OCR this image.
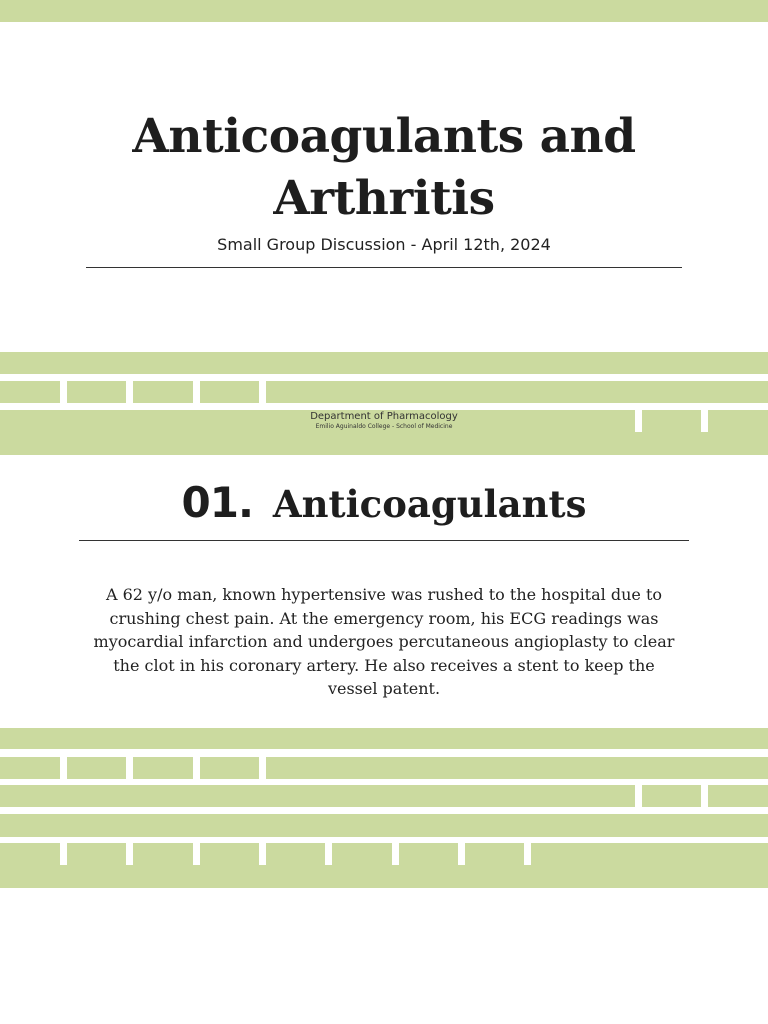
Anticoagulants and
Arthritis
Small Group Discussion - April 12th, 2024
Department of Pharmacology
Emilio Aguinaldo College - School of Medicine
01. Anticoagulants

A 62 y/o man, known hypertensive was rushed to the hospital due to crushing chest pain. At the emergency room, his ECG readings was myocardial infarction and undergoes percutaneous angioplasty to clear the clot in his coronary artery. He also receives a stent to keep the vessel patent.
